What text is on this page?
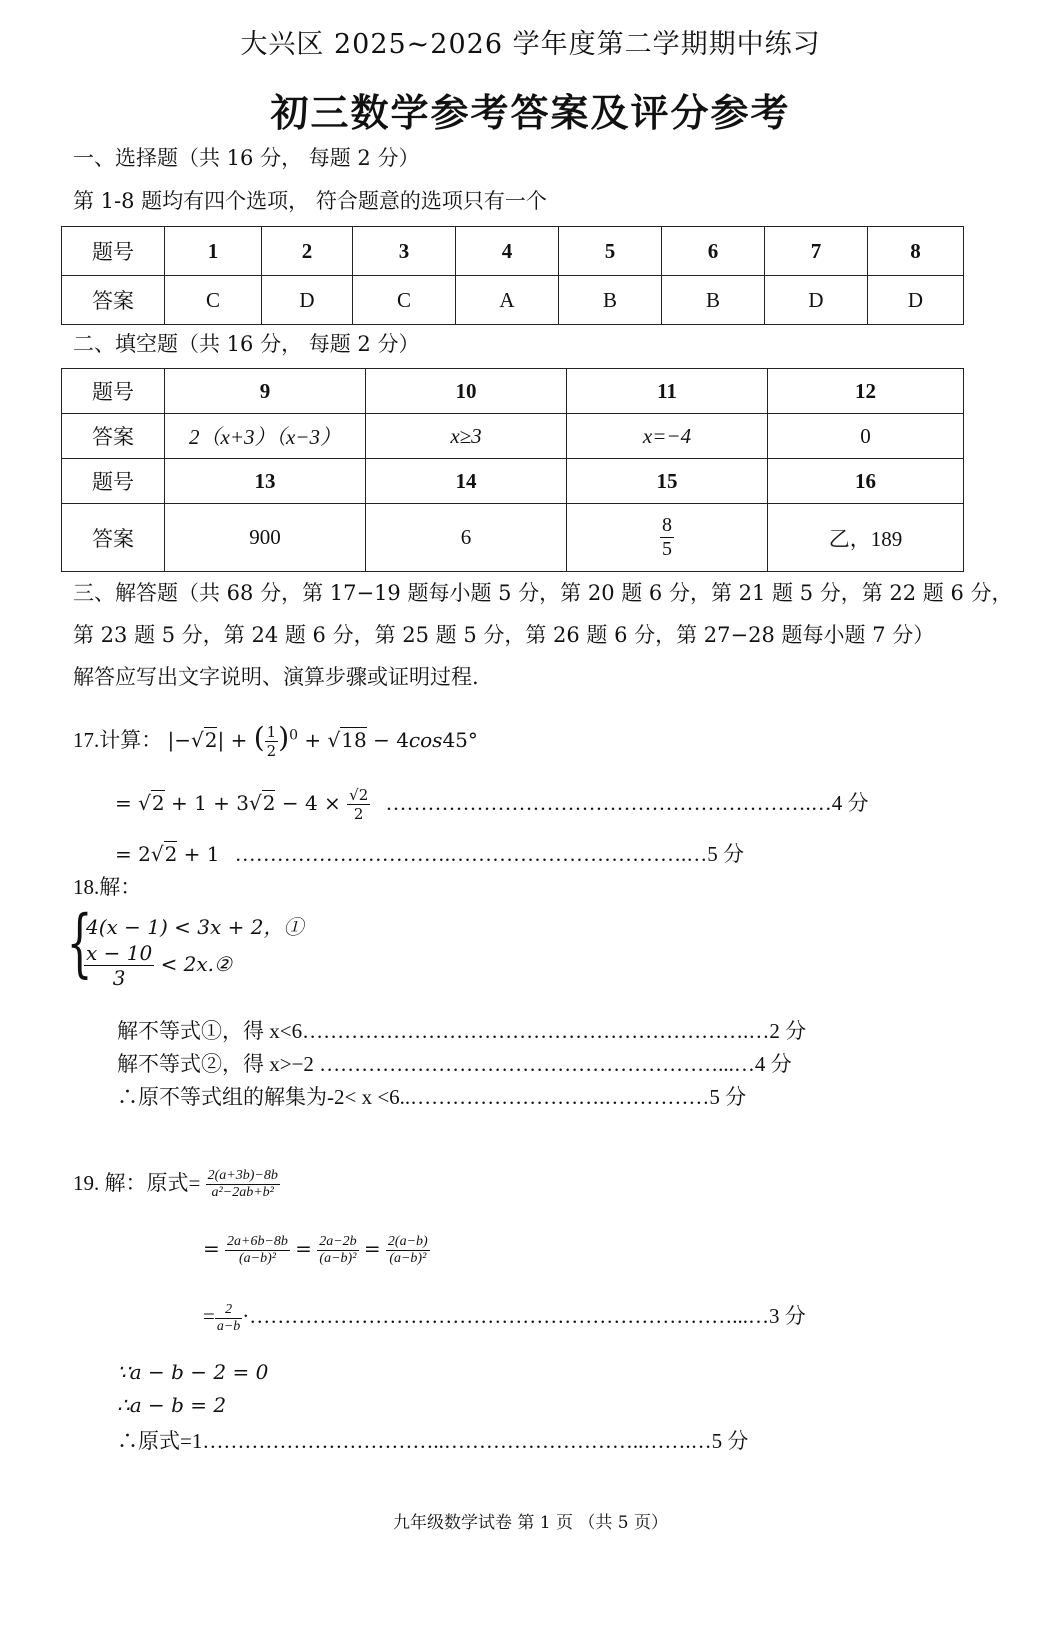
大兴区 2025~2026 学年度第二学期期中练习
初三数学参考答案及评分参考
一、选择题（共 16 分， 每题 2 分）
第 1-8 题均有四个选项， 符合题意的选项只有一个
题号	1	2	3	4	5	6	7	8
答案	C	D	C	A	B	B	D	D
二、填空题（共 16 分， 每题 2 分）
题号	9	10	11	12
答案	2（x+3）（x−3）	x≥3	x=−4	0
题号	13	14	15	16
答案	900	6	$\frac{8}{5}$	乙，189
三、解答题（共 68 分，第 17−19 题每小题 5 分，第 20 题 6 分，第 21 题 5 分，第 22 题 6 分，
第 23 题 5 分，第 24 题 6 分，第 25 题 5 分，第 26 题 6 分，第 27−28 题每小题 7 分）
解答应写出文字说明、演算步骤或证明过程.
17.计算： |−√2| + ( $\frac{1}{2} )^0 + √18 - 4\cos 45^\circ$
= $√2 + 1 + 3√2 - 4 \times \frac{√2}{2}$ …………………………………………………….…4 分
= 2√2 + 1 ………………………….…………………………….…5 分
18.解：
{
4(x − 1) < 3x + 2，①
$\frac{x - 10}{3}$ < 2x.②
解不等式①，得 x<6……………………………………………………….…2 分
解不等式②，得 x>−2 …………………………………………………...…4 分
∴原不等式组的解集为-2< x <6..……………………….……………5 分
19. 解：原式= $\frac{2(a+3b)-8b}{\text{a²−2ab+b²}}$
= $\frac{2a+6b-8b}{\text{(a−b)²}} = \frac{2a-2b}{\text{(a−b)²}} = \frac{2(a-b)}{\text{(a−b)²}}$
= $\frac{2}{a-b}$ ·……………………………………………………………...…3 分
∵a − b − 2 = 0
∴a − b = 2
∴原式=1……………………………..………………………..…….…5 分
九年级数学试卷 第 1 页 （共 5 页）
